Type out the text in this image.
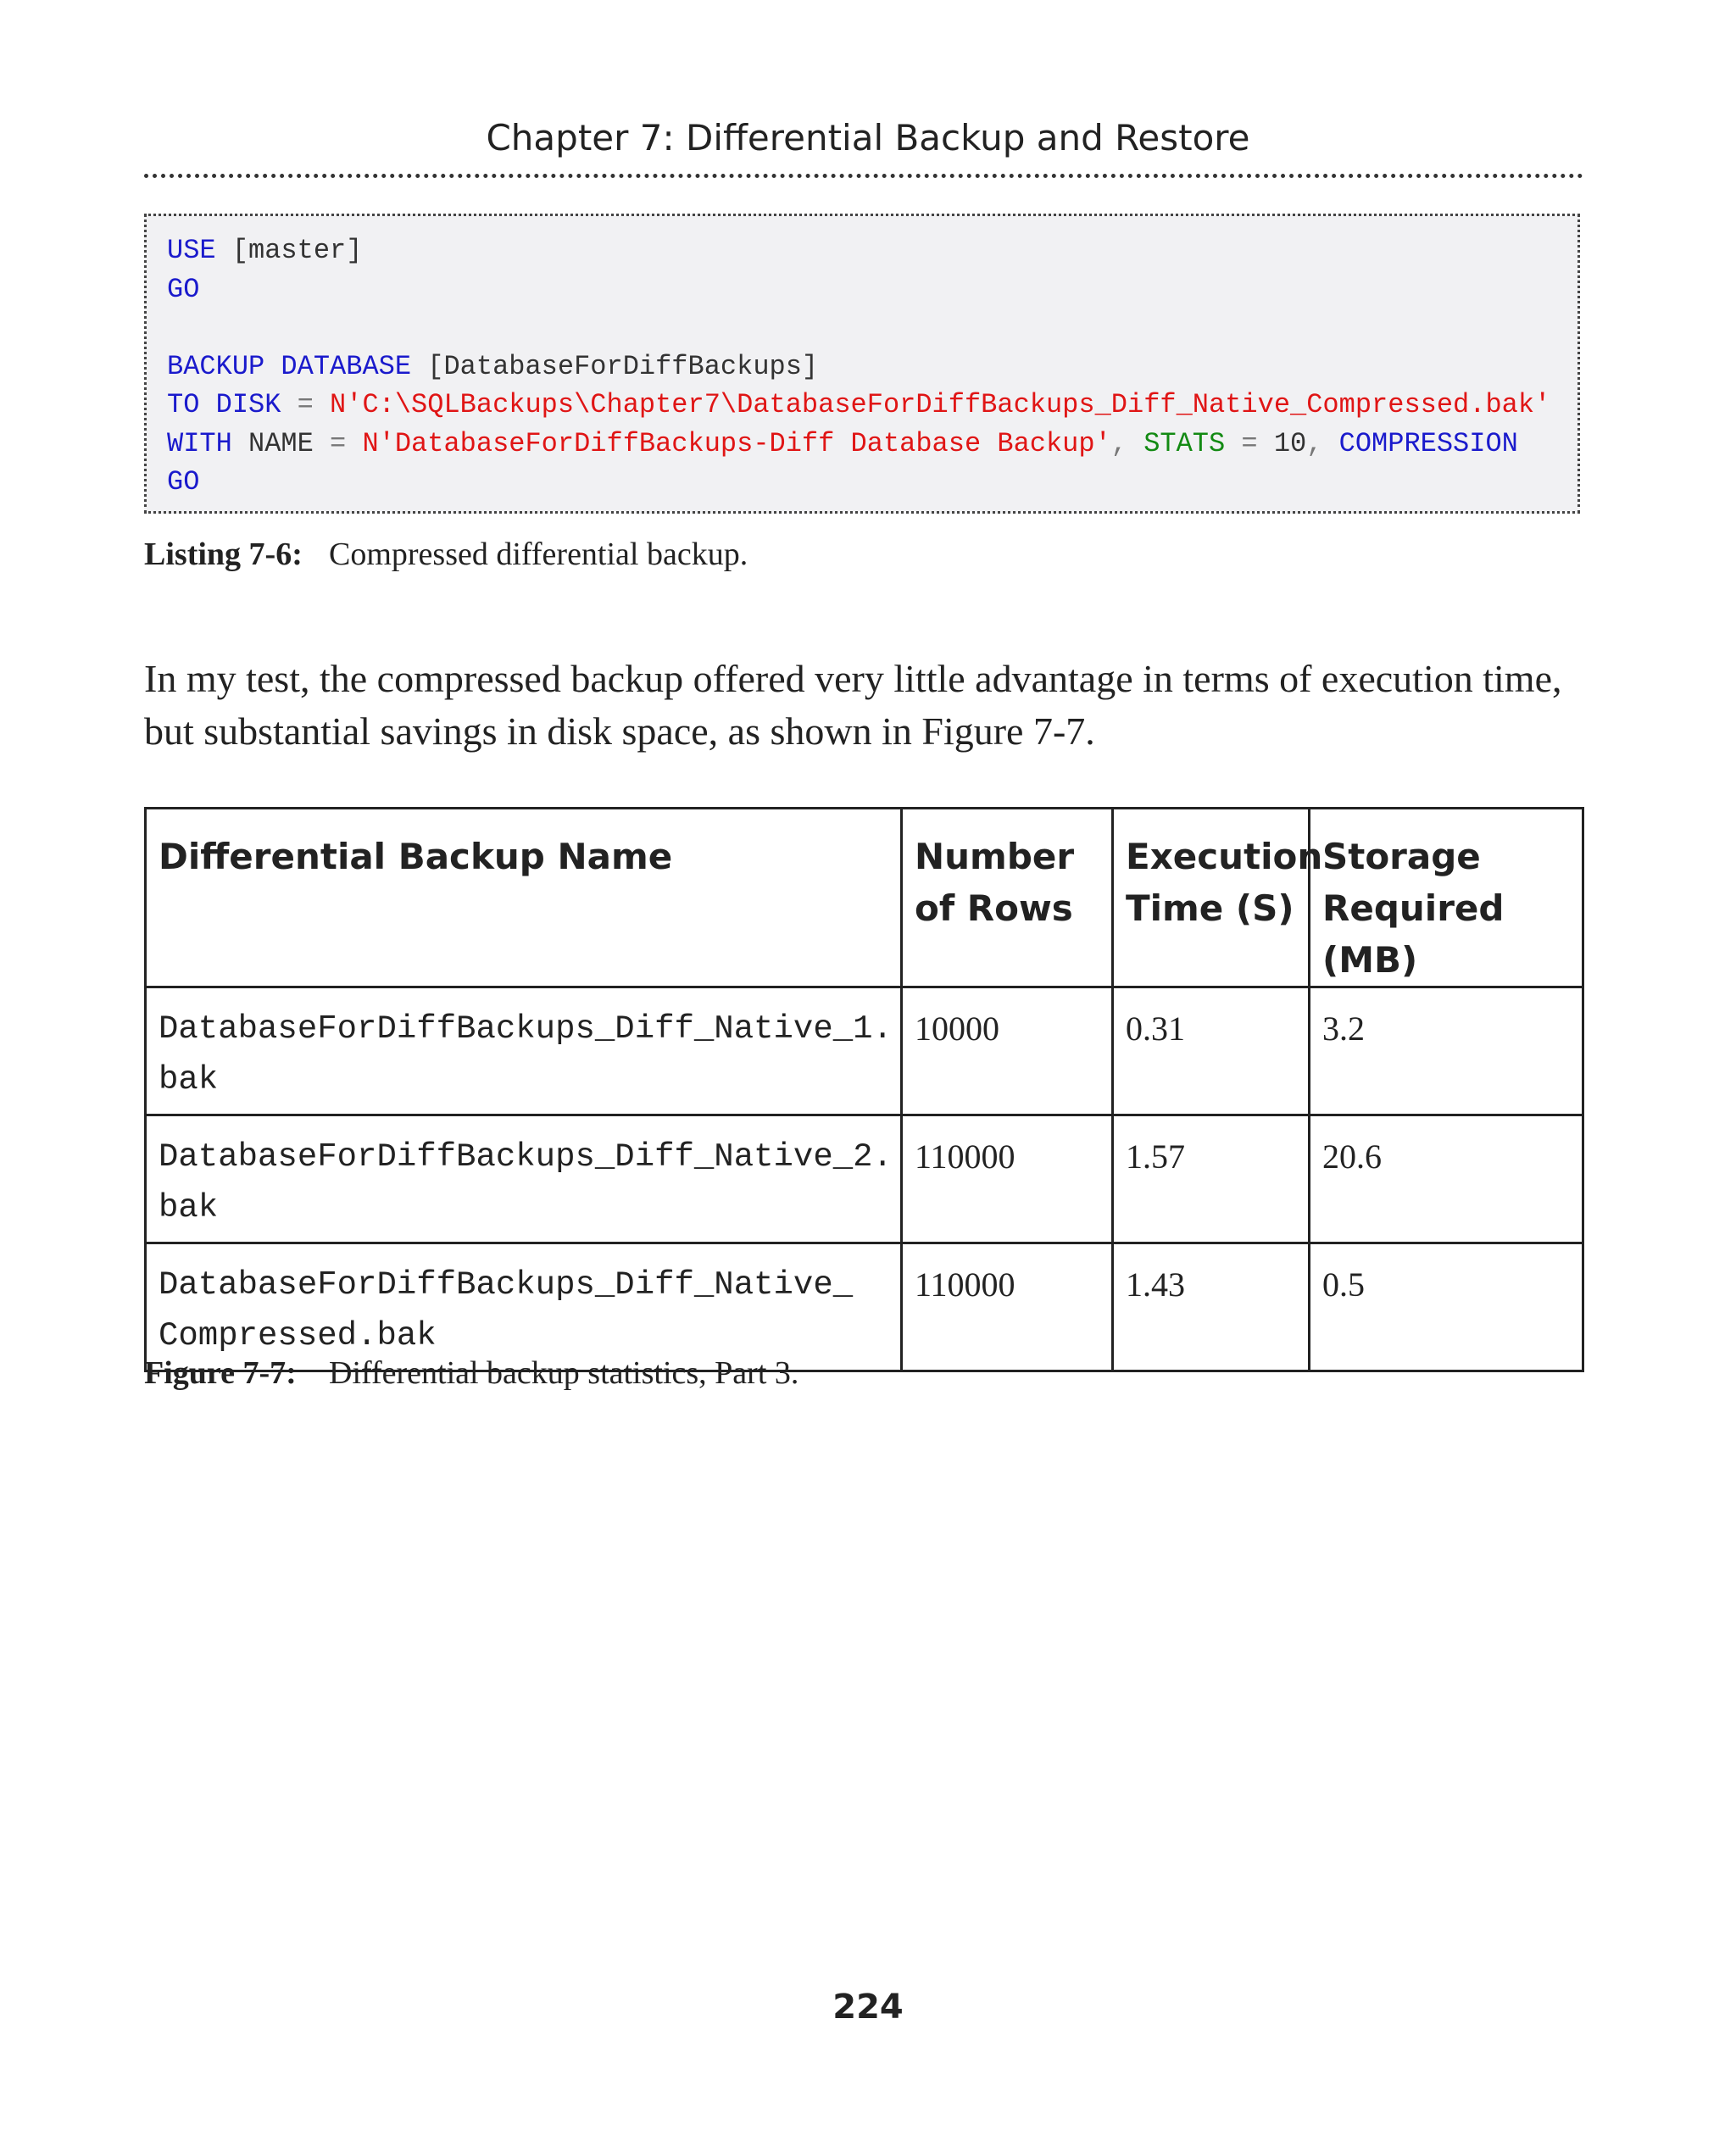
Chapter 7: Differential Backup and Restore
USE [master]
GO
BACKUP DATABASE [DatabaseForDiffBackups]
TO DISK = N'C:\SQLBackups\Chapter7\DatabaseForDiffBackups_Diff_Native_Compressed.bak'
WITH NAME = N'DatabaseForDiffBackups-Diff Database Backup', STATS = 10, COMPRESSION
GO
Listing 7-6: Compressed differential backup.
In my test, the compressed backup offered very little advantage in terms of execution time, but substantial savings in disk space, as shown in Figure 7-7.
Differential Backup Name	Number of Rows	Execution Time (S)	Storage Required (MB)
DatabaseForDiffBackups_Diff_Native_1.
bak	10000	0.31	3.2
DatabaseForDiffBackups_Diff_Native_2.
bak	110000	1.57	20.6
DatabaseForDiffBackups_Diff_Native_
Compressed.bak	110000	1.43	0.5
Figure 7-7: Differential backup statistics, Part 3.
224
